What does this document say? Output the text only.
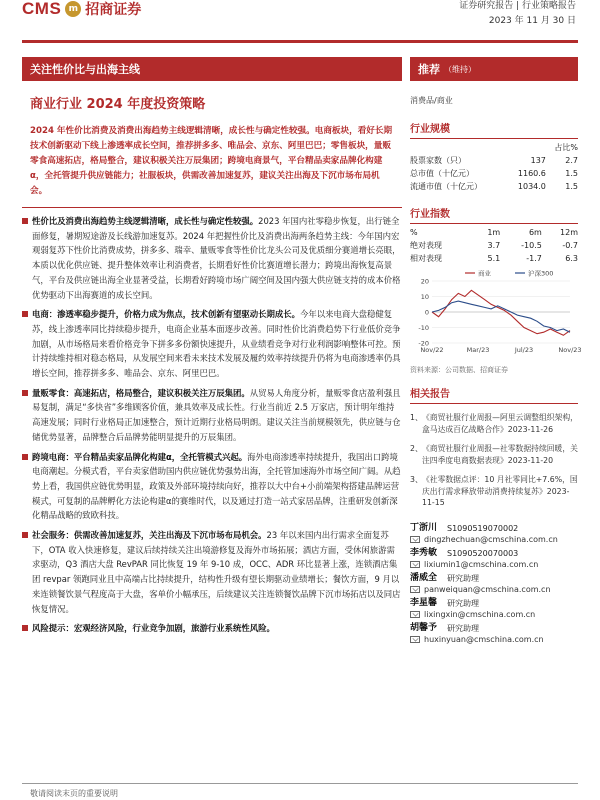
CMS m 招商证券	证券研究报告 | 行业策略报告
2023 年 11 月 30 日
关注性价比与出海主线
商业行业 2024 年度投资策略
2024 年性价比消费及消费出海趋势主线逻辑清晰，成长性与确定性较强。电商板块，看好长期技术创新驱动下线上渗透率成长空间，推荐拼多多、唯品会、京东、阿里巴巴；零售板块，量贩零食高速拓店，格局整合，建议积极关注万辰集团；跨境电商景气，平台精品卖家品牌化构建α，全托管提升供应链能力；社服板块，供需改善加速复苏，建议关注出海及下沉市场布局机会。
性价比及消费出海趋势主线逻辑清晰，成长性与确定性较强。2023 年国内社零稳步恢复，出行链全面修复，暑期短途游及长线游加速复苏。2024 年把握性价比及消费出海两条趋势主线：今年国内宏观弱复苏下性价比消费成势，拼多多、瑞幸、量贩零食等性价比龙头公司及优质细分赛道增长亮眼，本质以优化供应链、提升整体效率让利消费者，长期看好性价比赛道增长潜力；跨境出海恢复高景气，平台及供应链出海全业显著受益，长期看好跨境市场广阔空间及国内强大供应链支持的成本价格优势驱动下出海赛道的成长空间。
电商：渗透率稳步提升，价格力成为焦点，技术创新有望驱动长期成长。今年以来电商大盘稳健复苏，线上渗透率同比持续稳步提升，电商企业基本面逐步改善。同时性价比消费趋势下行业低价竞争加剧，从市场格局来看价格竞争下拼多多份额快速提升，从业绩看竞争对行业利润影响整体可控。预计持续维持相对稳态格局，从发展空间来看未来技术发展及履约效率持续提升仍将为电商渗透率仍具增长空间，推荐拼多多、唯品会、京东、阿里巴巴。
量贩零食：高速拓店，格局整合，建议积极关注万辰集团。从贸易人角度分析，量贩零食店盈利强且易复制，满足“多快省”多维顾客价值，兼具效率及成长性。行业当前近 2.5 万家店，预计明年维持高速发展；同时行业格局正加速整合，预计近期行业格局明朗。建议关注当前规模领先，供应链与仓储优势显著，品牌整合后品牌势能明显提升的万辰集团。
跨境电商：平台精品卖家品牌化构建α，全托管模式兴起。海外电商渗透率持续提升，我国出口跨境电商潮起。分模式看，平台卖家借助国内供应链优势强势出海，全托管加速海外市场空间广阔。从趋势上看，我国供应链优势明显，政策及外部环境持续向好，推荐以大中台+小前端架构搭建品牌运营模式，可复制的品牌孵化方法论构建α的赛维时代，以及通过打造一站式家居品牌，注重研发创新深化精品战略的致欧科技。
社会服务：供需改善加速复苏，关注出海及下沉市场布局机会。23 年以来国内出行需求全面复苏下，OTA 收入快速修复，建议后续持续关注出境游修复及海外市场拓展；酒店方面，受休闲旅游需求驱动，Q3 酒店大盘 RevPAR 同比恢复 19 年 9-10 成，OCC、ADR 环比显著上涨，连锁酒店集团 revpar 领跑同业且中高端占比持续提升，结构性升级有望长期驱动业绩增长；餐饮方面，9 月以来连锁餐饮景气程度高于大盘，客单价小幅承压，后续建议关注连锁餐饮品牌下沉市场拓店以及同店恢复情况。
风险提示：宏观经济风险，行业竞争加剧，旅游行业系统性风险。
推荐 （维持）
消费品/商业
行业规模
		占比%
股票家数（只）	137	2.7
总市值（十亿元）	1160.6	1.5
流通市值（十亿元）	1034.0	1.5
行业指数
%	1m	6m	12m
绝对表现	3.7	-10.5	-0.7
相对表现	5.1	-1.7	6.3
-20
-10
0
10
20
Nov/22	Mar/23	Jul/23	Nov/23
商业	沪深300
资料来源：公司数据、招商证券
相关报告
1、 《商贸社服行业周报—阿里云调整组织架构，盒马达成百亿战略合作》2023-11-26
2、 《商贸社服行业周报—社零数据持续回暖，关注四季度电商数据表现》2023-11-20
3、 《社零数据点评：10 月社零同比+7.6%，国庆出行需求释放带动消费持续复苏》2023-11-15
丁浙川 S1090519070002
dingzhechuan@cmschina.com.cn
李秀敏 S1090520070003
lixiumin1@cmschina.com.cn
潘威全 研究助理
panweiquan@cmschina.com.cn
李星馨 研究助理
lixingxin@cmschina.com.cn
胡馨予 研究助理
huxinyuan@cmschina.com.cn
敬请阅读末页的重要说明
